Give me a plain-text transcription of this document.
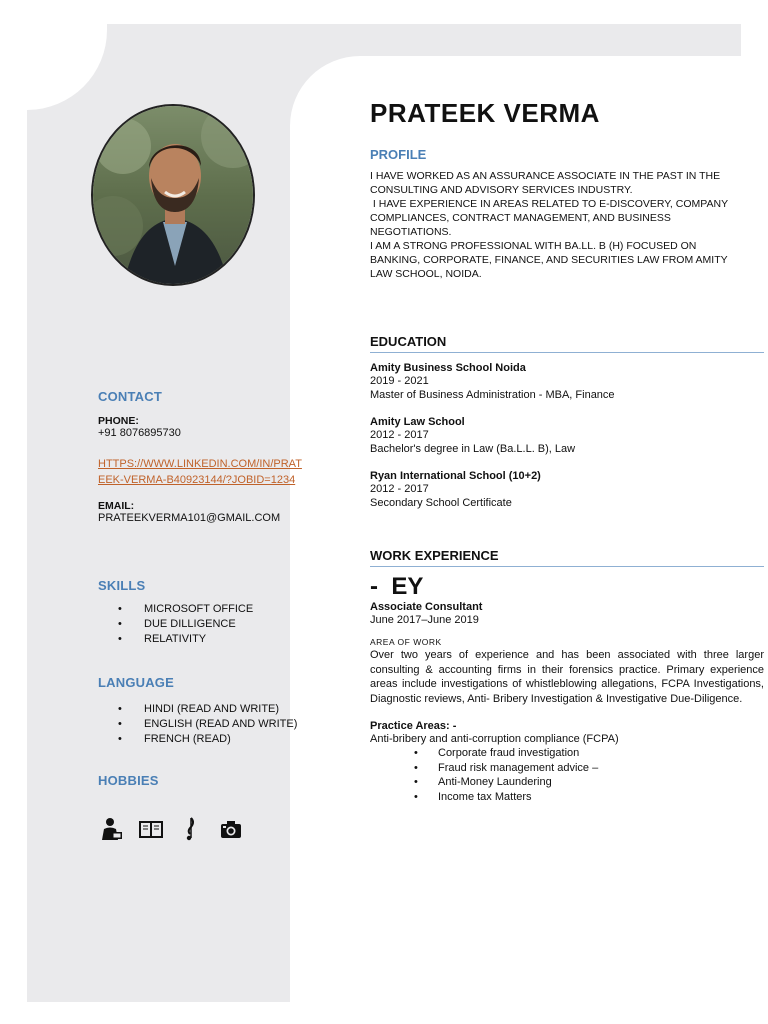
CONTACT
PHONE:
+91 8076895730
HTTPS://WWW.LINKEDIN.COM/IN/PRAT
EEK-VERMA-B40923144/?JOBID=1234
EMAIL:
PRATEEKVERMA101@GMAIL.COM
SKILLS
• MICROSOFT OFFICE
• DUE DILLIGENCE
• RELATIVITY
LANGUAGE
• HINDI (READ AND WRITE)
• ENGLISH (READ AND WRITE)
• FRENCH (READ)
HOBBIES
PRATEEK VERMA
PROFILE
I HAVE WORKED AS AN ASSURANCE ASSOCIATE IN THE PAST IN THE
CONSULTING AND ADVISORY SERVICES INDUSTRY.
I HAVE EXPERIENCE IN AREAS RELATED TO E-DISCOVERY, COMPANY
COMPLIANCES, CONTRACT MANAGEMENT, AND BUSINESS
NEGOTIATIONS.
I AM A STRONG PROFESSIONAL WITH BA.LL. B (H) FOCUSED ON
BANKING, CORPORATE, FINANCE, AND SECURITIES LAW FROM AMITY
LAW SCHOOL, NOIDA.
EDUCATION
Amity Business School Noida
2019 - 2021
Master of Business Administration - MBA, Finance
Amity Law School
2012 - 2017
Bachelor's degree in Law (Ba.L.L. B), Law
Ryan International School (10+2)
2012 - 2017
Secondary School Certificate
WORK EXPERIENCE
-  EY
Associate Consultant
June 2017–June 2019
AREA OF WORK
Over two years of experience and has been associated with three larger consulting & accounting firms in their forensics practice. Primary experience areas include investigations of whistleblowing allegations, FCPA Investigations, Diagnostic reviews, Anti- Bribery Investigation & Investigative Due-Diligence.
Practice Areas: -
Anti-bribery and anti-corruption compliance (FCPA)
• Corporate fraud investigation
• Fraud risk management advice –
• Anti-Money Laundering
• Income tax Matters
